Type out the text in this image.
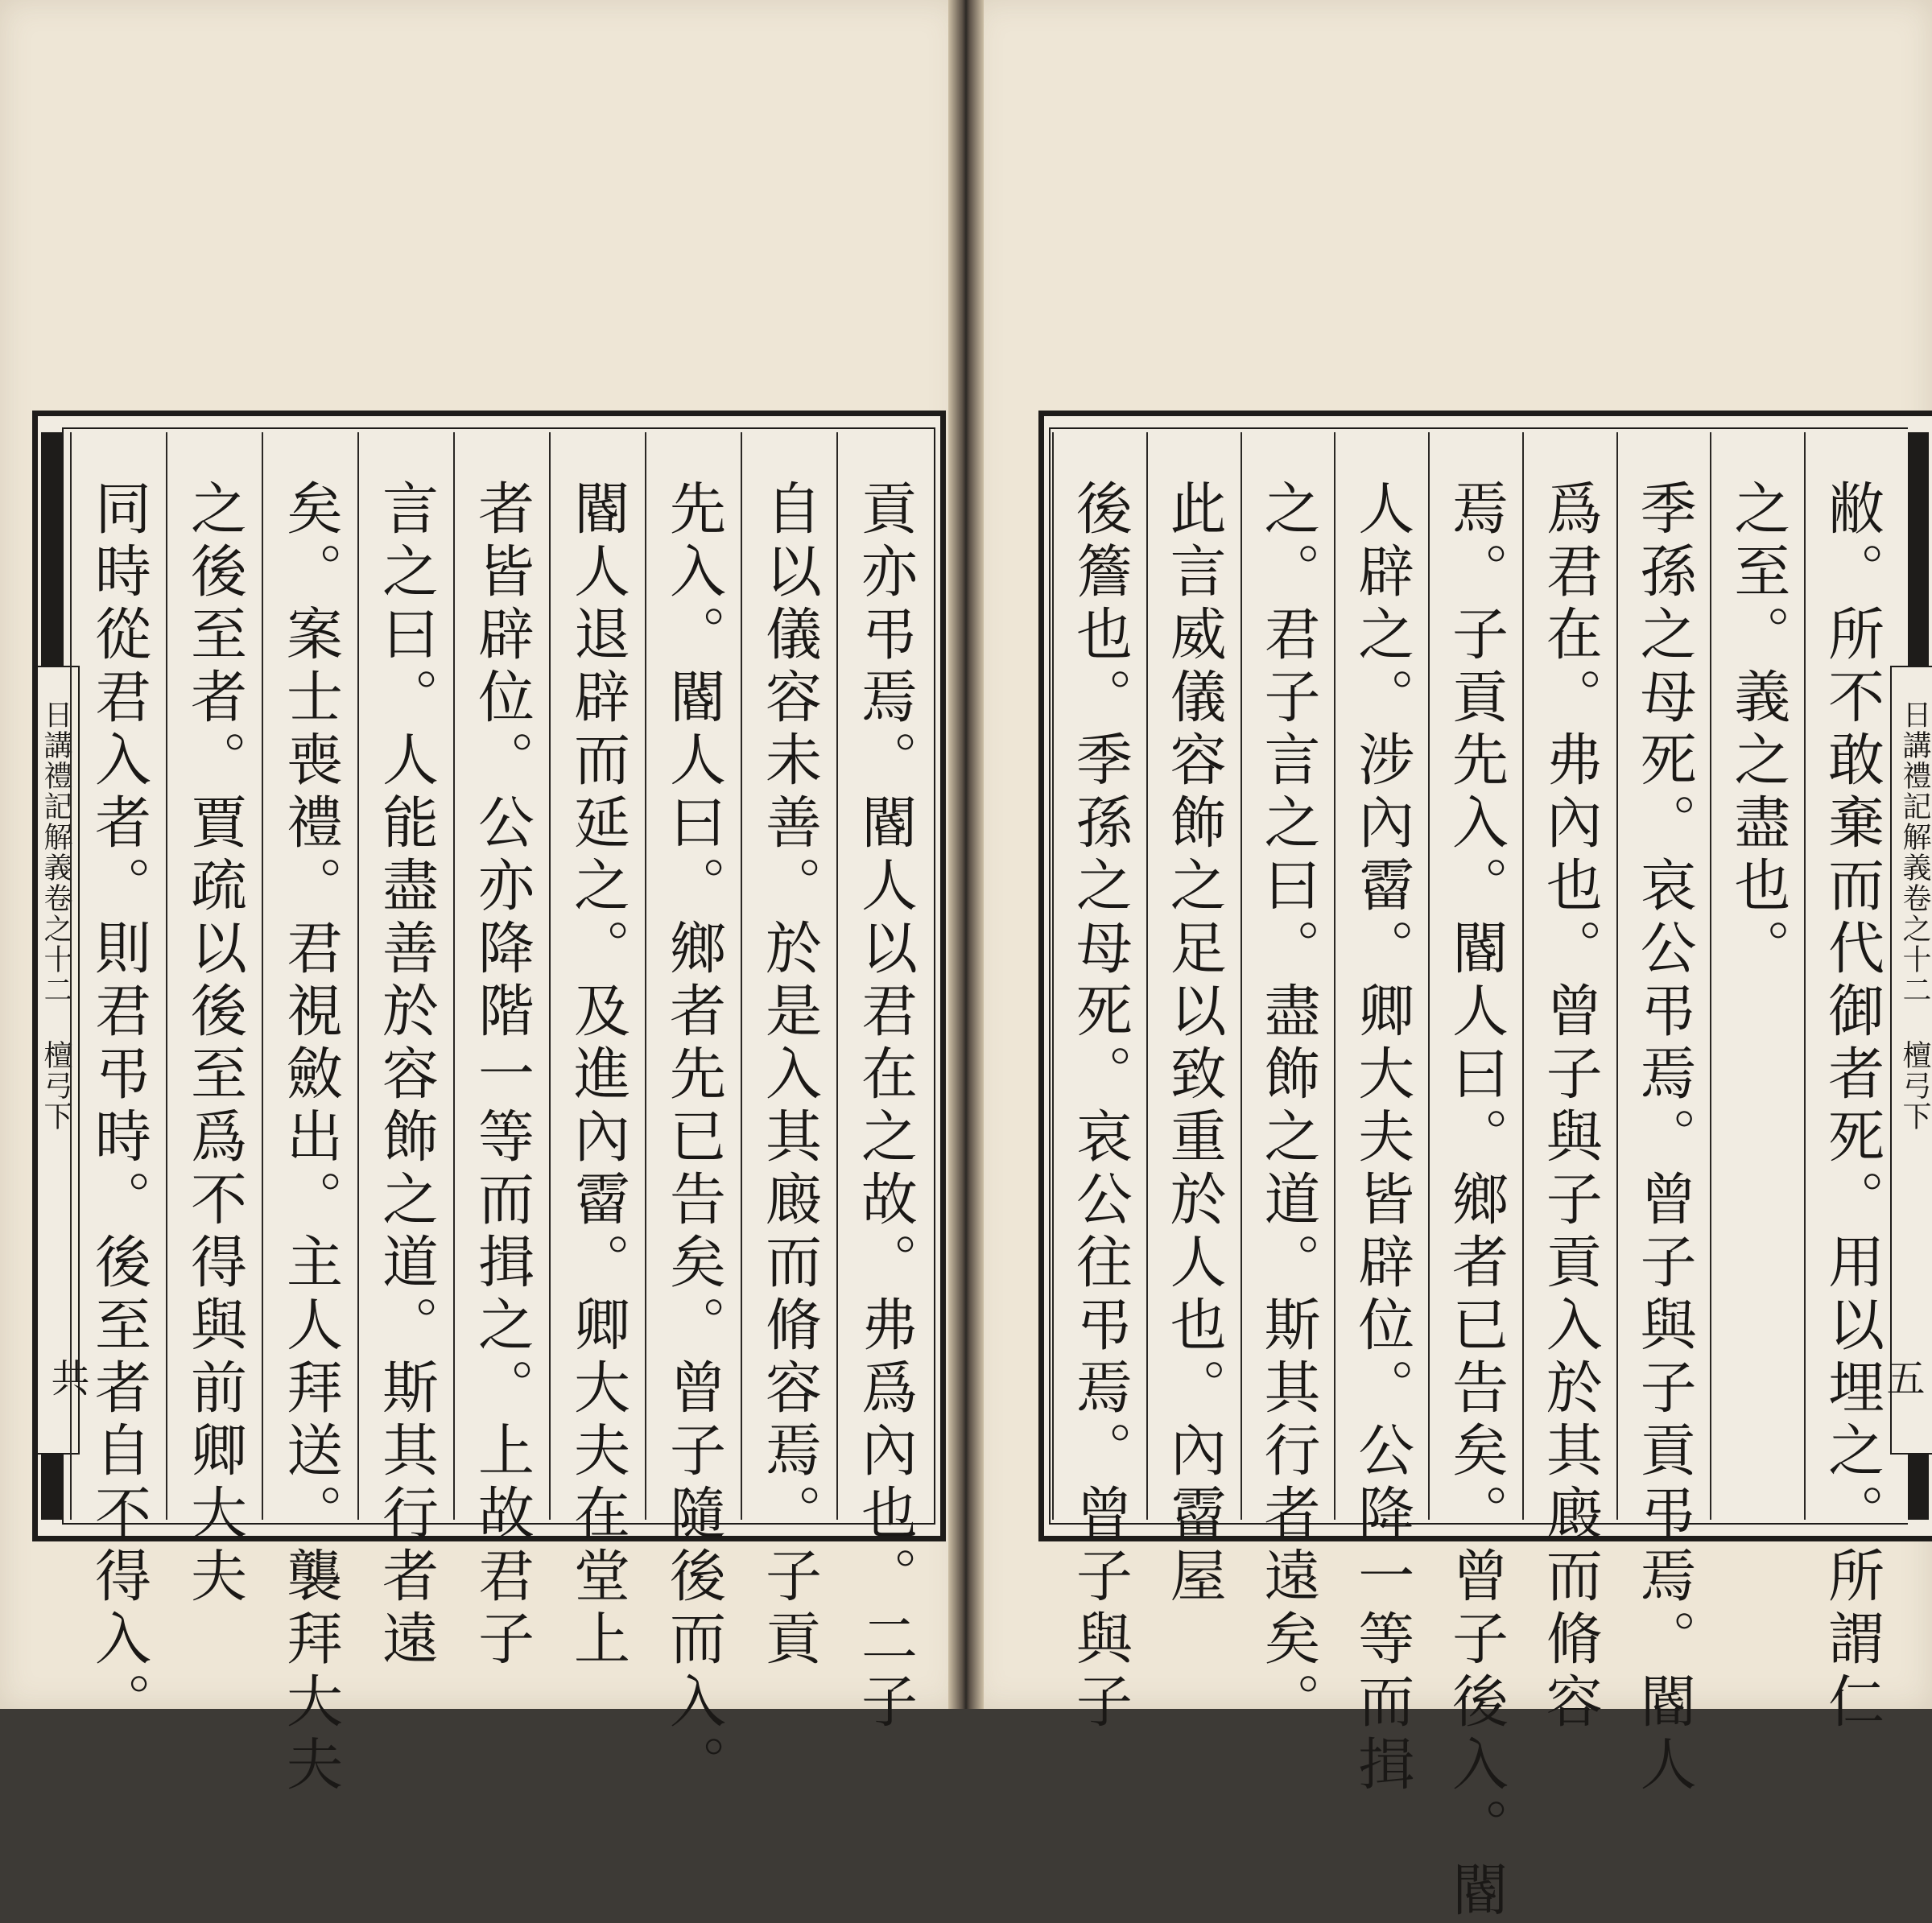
日講禮記解義卷之十二 檀弓下
共
同時從君入者。則君弔時。後至者自不得入。 之後至者。賈疏以後至爲不得與前卿大夫 矣。案士喪禮。君視斂出。主人拜送。襲拜大夫 言之曰。人能盡善於容飾之道。斯其行者遠 者皆辟位。公亦降階一等而揖之。上故君子 閽人退辟而延之。及進內霤。卿大夫在堂上 先入。閽人曰。鄉者先已告矣。曾子隨後而入。 自以儀容未善。於是入其廄而脩容焉。子貢 貢亦弔焉。閽人以君在之故。弗爲內也。二子	日講禮記解義卷之十二 檀弓下
五
後簷也。季孫之母死。哀公往弔焉。曾子與子 此言威儀容飾之足以致重於人也。內霤屋 之。君子言之曰。盡飾之道。斯其行者遠矣。 人辟之。涉內霤。卿大夫皆辟位。公降一等而揖 焉。子貢先入。閽人曰。鄉者已告矣。曾子後入。閽 爲君在。弗內也。曾子與子貢入於其廄而脩容 季孫之母死。哀公弔焉。曾子與子貢弔焉。閽人 之至。義之盡也。 敝。所不敢棄而代御者死。用以埋之。所謂仁
